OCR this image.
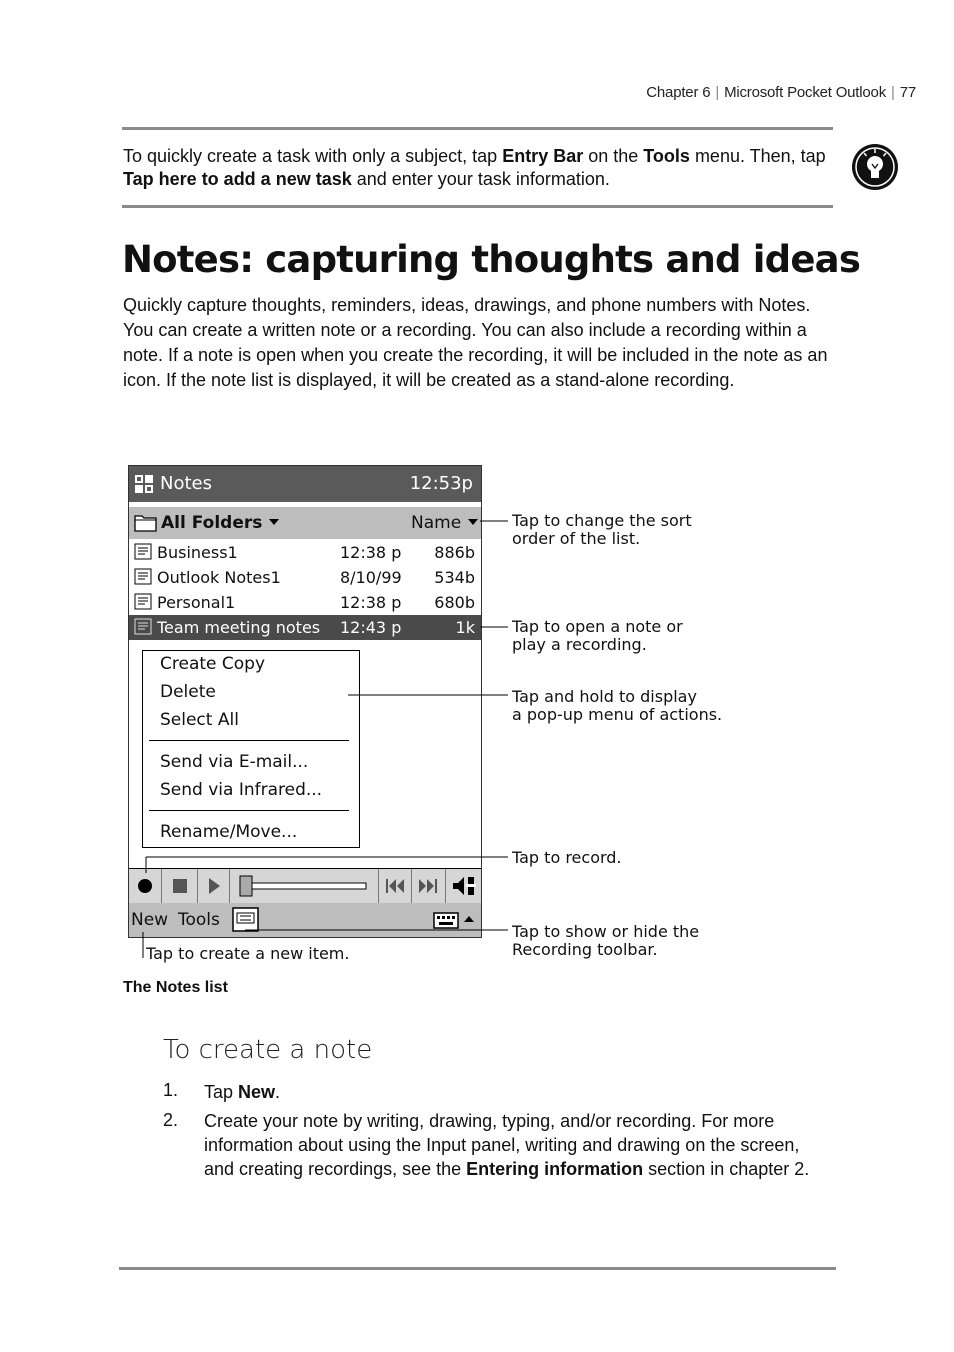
Chapter 6 | Microsoft Pocket Outlook | 77
To quickly create a task with only a subject, tap Entry Bar on the Tools menu. Then, tap Tap here to add a new task and enter your task information.
Notes: capturing thoughts and ideas
Quickly capture thoughts, reminders, ideas, drawings, and phone numbers with Notes. You can create a written note or a recording. You can also include a recording within a note. If a note is open when you create the recording, it will be included in the note as an icon. If the note list is displayed, it will be created as a stand-alone recording.
Notes	12:53p
All Folders	Name
Business1	12:38 p 886b
Outlook Notes1	8/10/99 534b
Personal1	12:38 p 680b
Team meeting notes 12:43 p	1k
Create Copy
Delete
Select All
Send via E-mail...
Send via Infrared...
Rename/Move...
New Tools
Tap to change the sort
order of the list.
Tap to open a note or
play a recording.
Tap and hold to display
a pop-up menu of actions.
Tap to record.
Tap to show or hide the
Recording toolbar.
Tap to create a new item.
The Notes list
To create a note
1. Tap New.
2. Create your note by writing, drawing, typing, and/or recording. For more information about using the Input panel, writing and drawing on the screen, and creating recordings, see the Entering information section in chapter 2.
